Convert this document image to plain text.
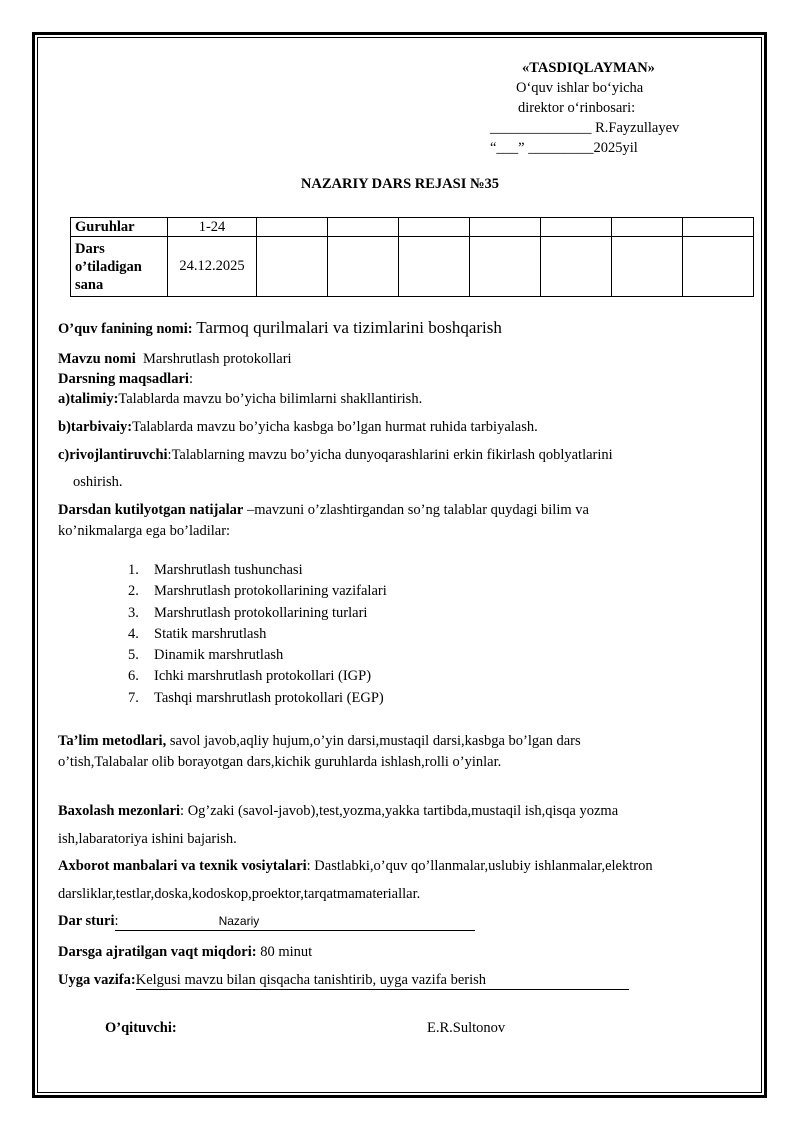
«TASDIQLAYMAN»
O‘quv ishlar bo‘yicha
direktor o‘rinbosari:
______________ R.Fayzullayev
“___” _________2025yil
NAZARIY DARS REJASI №35
Guruhlar	1-24							

Dars
o’tiladigan
sana	24.12.2025							
O’quv fanining nomi: Tarmoq qurilmalari va tizimlarini boshqarish
Mavzu nomi Marshrutlash protokollari
Darsning maqsadlari:
a)talimiy:Talablarda mavzu bo’yicha bilimlarni shakllantirish.
b)tarbivaiy:Talablarda mavzu bo’yicha kasbga bo’lgan hurmat ruhida tarbiyalash.
c)rivojlantiruvchi:Talablarning mavzu bo’yicha dunyoqarashlarini erkin fikirlash qoblyatlarini
oshirish.
Darsdan kutilyotgan natijalar –mavzuni o’zlashtirgandan so’ng talablar quydagi bilim va
ko’nikmalarga ega bo’ladilar:
1. Marshrutlash tushunchasi
2. Marshrutlash protokollarining vazifalari
3. Marshrutlash protokollarining turlari
4. Statik marshrutlash
5. Dinamik marshrutlash
6. Ichki marshrutlash protokollari (IGP)
7. Tashqi marshrutlash protokollari (EGP)
Ta’lim metodlari, savol javob,aqliy hujum,o’yin darsi,mustaqil darsi,kasbga bo’lgan dars
o’tish,Talabalar olib borayotgan dars,kichik guruhlarda ishlash,rolli o’yinlar.
Baxolash mezonlari: Og’zaki (savol-javob),test,yozma,yakka tartibda,mustaqil ish,qisqa yozma
ish,labaratoriya ishini bajarish.
Axborot manbalari va texnik vosiytalari: Dastlabki,o’quv qo’llanmalar,uslubiy ishlanmalar,elektron
darsliklar,testlar,doska,kodoskop,proektor,tarqatmamateriallar.
Dar sturi:	Nazariy
Darsga ajratilgan vaqt miqdori: 80 minut
Uyga vazifa:Kelgusi mavzu bilan qisqacha tanishtirib, uyga vazifa berish
O’qituvchi:	E.R.Sultonov
